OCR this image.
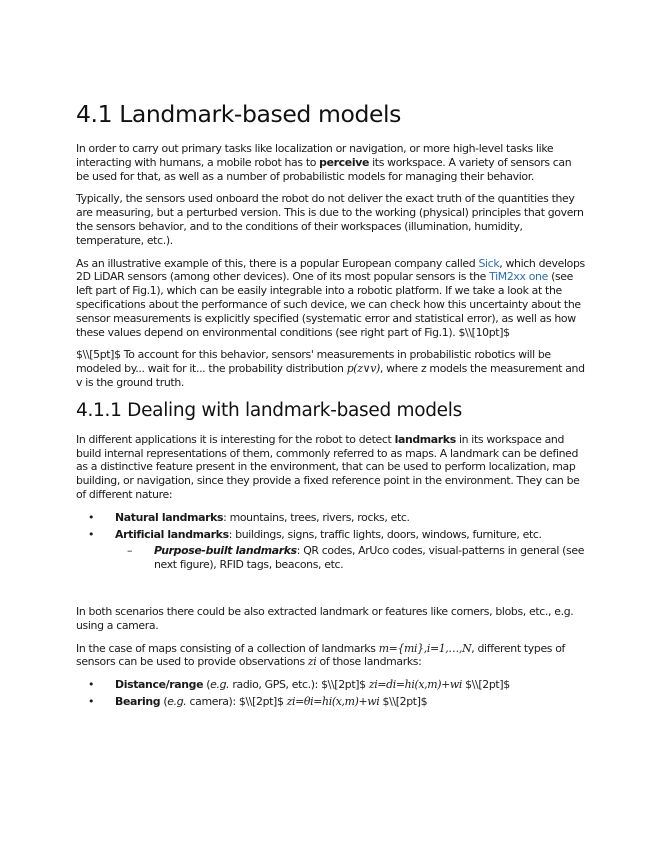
4.1 Landmark-based models

In order to carry out primary tasks like localization or navigation, or more high-level tasks like interacting with humans, a mobile robot has to perceive its workspace. A variety of sensors can be used for that, as well as a number of probabilistic models for managing their behavior.

Typically, the sensors used onboard the robot do not deliver the exact truth of the quantities they are measuring, but a perturbed version. This is due to the working (physical) principles that govern the sensors behavior, and to the conditions of their workspaces (illumination, humidity, temperature, etc.).

As an illustrative example of this, there is a popular European company called Sick, which develops 2D LiDAR sensors (among other devices). One of its most popular sensors is the TiM2xx one (see left part of Fig.1), which can be easily integrable into a robotic platform. If we take a look at the specifications about the performance of such device, we can check how this uncertainty about the sensor measurements is explicitly specified (systematic error and statistical error), as well as how these values depend on environmental conditions (see right part of Fig.1). $\\[10pt]$

$\\[5pt]$ To account for this behavior, sensors' measurements in probabilistic robotics will be modeled by... wait for it... the probability distribution p(z∨v), where z models the measurement and v is the ground truth.

4.1.1 Dealing with landmark-based models

In different applications it is interesting for the robot to detect landmarks in its workspace and build internal representations of them, commonly referred to as maps. A landmark can be defined as a distinctive feature present in the environment, that can be used to perform localization, map building, or navigation, since they provide a fixed reference point in the environment. They can be of different nature:

• Natural landmarks: mountains, trees, rivers, rocks, etc.
• Artificial landmarks: buildings, signs, traffic lights, doors, windows, furniture, etc.
– Purpose-built landmarks: QR codes, ArUco codes, visual-patterns in general (see next figure), RFID tags, beacons, etc.

In both scenarios there could be also extracted landmark or features like corners, blobs, etc., e.g. using a camera.

In the case of maps consisting of a collection of landmarks m={mi},i=1,…,N, different types of sensors can be used to provide observations zi of those landmarks:

• Distance/range (e.g. radio, GPS, etc.): $\\[2pt]$ zi=di=hi(x,m)+wi $\\[2pt]$
• Bearing (e.g. camera): $\\[2pt]$ zi=θi=hi(x,m)+wi $\\[2pt]$
